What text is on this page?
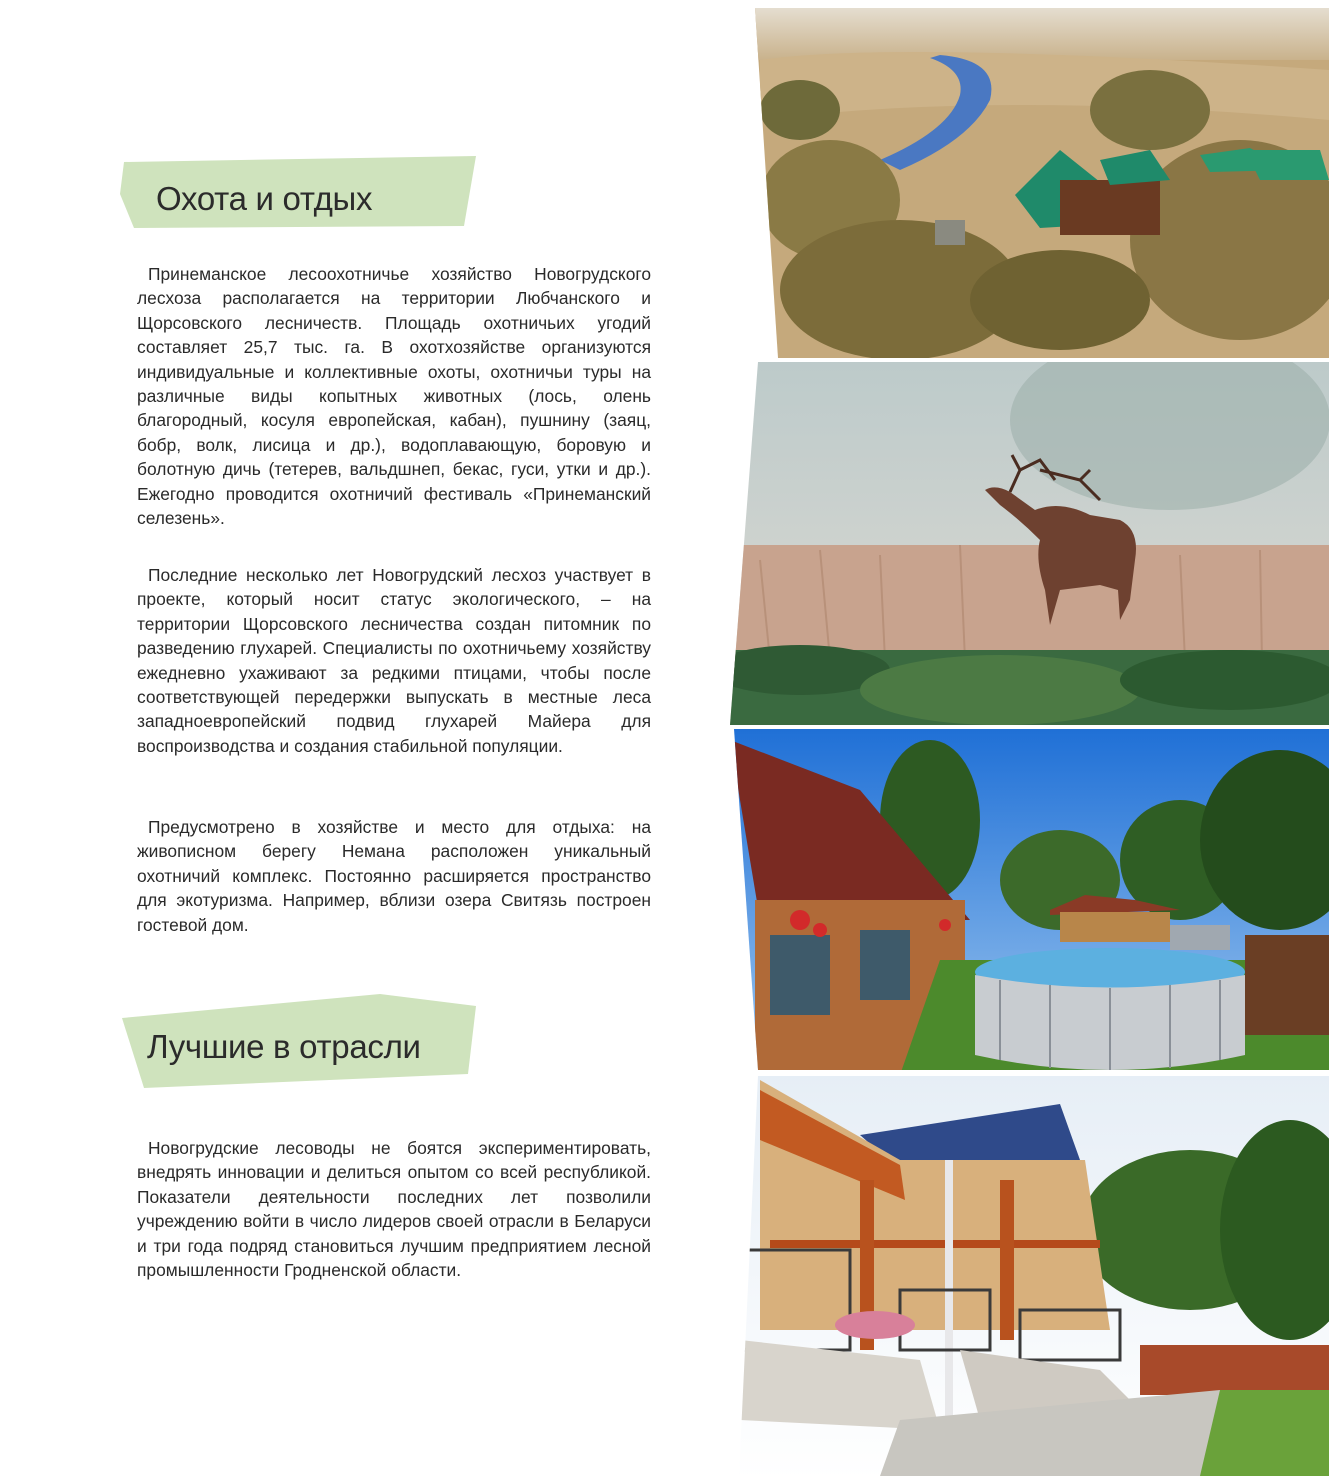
Охота и отдых

Принеманское лесоохотничье хозяйство Новогрудского лесхоза располагается на территории Любчанского и Щорсовского лесничеств. Площадь охотничьих угодий составляет 25,7 тыс. га. В охотхозяйстве организуются индивидуальные и коллективные охоты, охотничьи туры на различные виды копытных животных (лось, олень благородный, косуля европейская, кабан), пушнину (заяц, бобр, волк, лисица и др.), водоплавающую, боровую и болотную дичь (тетерев, вальдшнеп, бекас, гуси, утки и др.). Ежегодно проводится охотничий фестиваль «Принеманский селезень».

Последние несколько лет Новогрудский лесхоз участвует в проекте, который носит статус экологического, – на территории Щорсовского лесничества создан питомник по разведению глухарей. Специалисты по охотничьему хозяйству ежедневно ухаживают за редкими птицами, чтобы после соответствующей передержки выпускать в местные леса западноевропейский подвид глухарей Майера для воспроизводства и создания стабильной популяции.

Предусмотрено в хозяйстве и место для отдыха: на живописном берегу Немана расположен уникальный охотничий комплекс. Постоянно расширяется пространство для экотуризма. Например, вблизи озера Свитязь построен гостевой дом.

Лучшие в отрасли

Новогрудские лесоводы не боятся экспериментировать, внедрять инновации и делиться опытом со всей республикой. Показатели деятельности последних лет позволили учреждению войти в число лидеров своей отрасли в Беларуси и три года подряд становиться лучшим предприятием лесной промышленности Гродненской области.
